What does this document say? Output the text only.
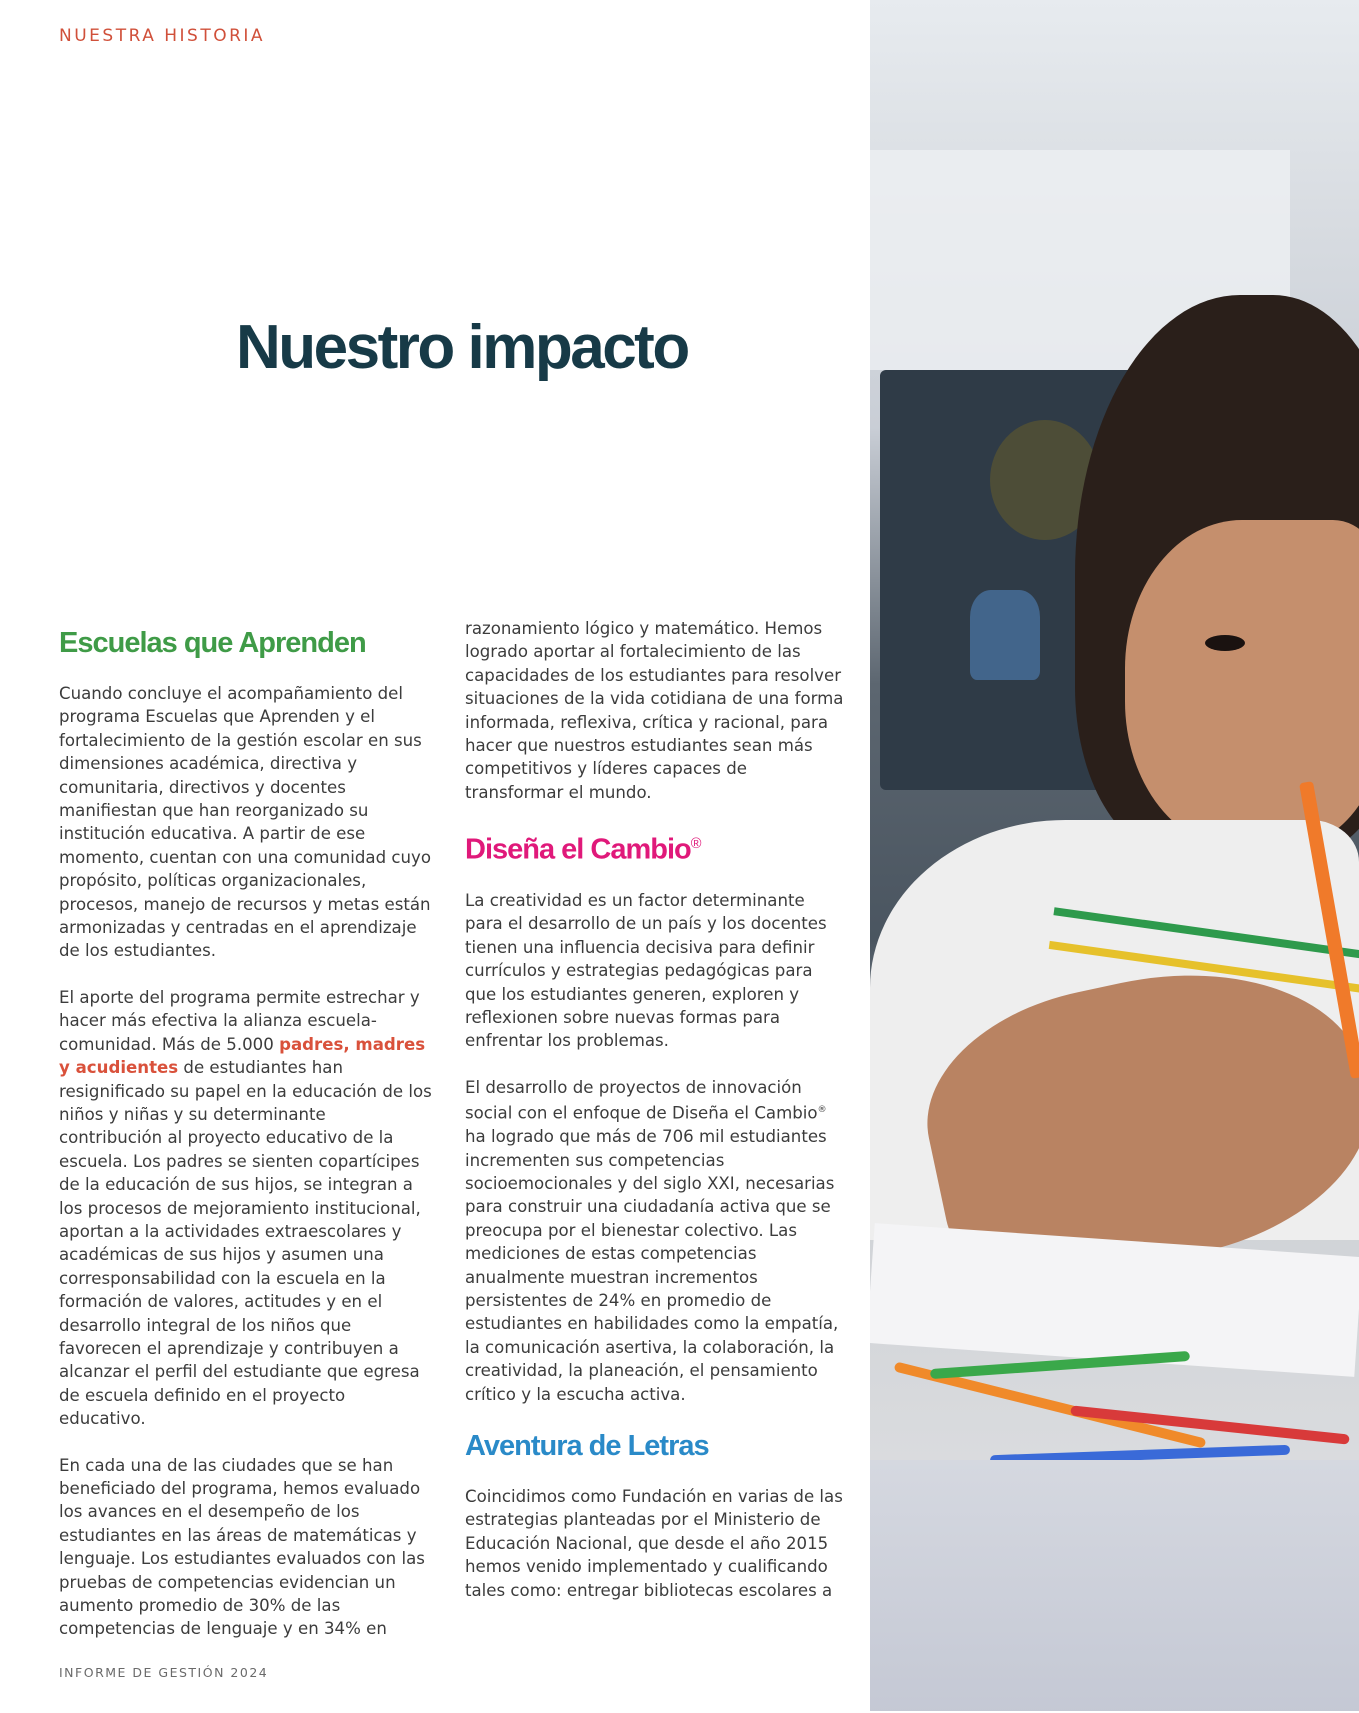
NUESTRA HISTORIA
Nuestro impacto
Escuelas que Aprenden

Cuando concluye el acompañamiento del programa Escuelas que Aprenden y el fortalecimiento de la gestión escolar en sus dimensiones académica, directiva y comunitaria, directivos y docentes manifiestan que han reorganizado su institución educativa. A partir de ese momento, cuentan con una comunidad cuyo propósito, políticas organizacionales, procesos, manejo de recursos y metas están armonizadas y centradas en el aprendizaje de los estudiantes.

El aporte del programa permite estrechar y hacer más efectiva la alianza escuela-comunidad. Más de 5.000 padres, madres y acudientes de estudiantes han resignificado su papel en la educación de los niños y niñas y su determinante contribución al proyecto educativo de la escuela. Los padres se sienten copartícipes de la educación de sus hijos, se integran a los procesos de mejoramiento institucional, aportan a la actividades extraescolares y académicas de sus hijos y asumen una corresponsabilidad con la escuela en la formación de valores, actitudes y en el desarrollo integral de los niños que favorecen el aprendizaje y contribuyen a alcanzar el perfil del estudiante que egresa de escuela definido en el proyecto educativo.

En cada una de las ciudades que se han beneficiado del programa, hemos evaluado los avances en el desempeño de los estudiantes en las áreas de matemáticas y lenguaje. Los estudiantes evaluados con las pruebas de competencias evidencian un aumento promedio de 30% de las competencias de lenguaje y en 34% en

razonamiento lógico y matemático. Hemos logrado aportar al fortalecimiento de las capacidades de los estudiantes para resolver situaciones de la vida cotidiana de una forma informada, reflexiva, crítica y racional, para hacer que nuestros estudiantes sean más competitivos y líderes capaces de transformar el mundo.

Diseña el Cambio®

La creatividad es un factor determinante para el desarrollo de un país y los docentes tienen una influencia decisiva para definir currículos y estrategias pedagógicas para que los estudiantes generen, exploren y reflexionen sobre nuevas formas para enfrentar los problemas.

El desarrollo de proyectos de innovación social con el enfoque de Diseña el Cambio® ha logrado que más de 706 mil estudiantes incrementen sus competencias socioemocionales y del siglo XXI, necesarias para construir una ciudadanía activa que se preocupa por el bienestar colectivo. Las mediciones de estas competencias anualmente muestran incrementos persistentes de 24% en promedio de estudiantes en habilidades como la empatía, la comunicación asertiva, la colaboración, la creatividad, la planeación, el pensamiento crítico y la escucha activa.

Aventura de Letras

Coincidimos como Fundación en varias de las estrategias planteadas por el Ministerio de Educación Nacional, que desde el año 2015 hemos venido implementado y cualificando tales como: entregar bibliotecas escolares a

INFORME DE GESTIÓN 2024
